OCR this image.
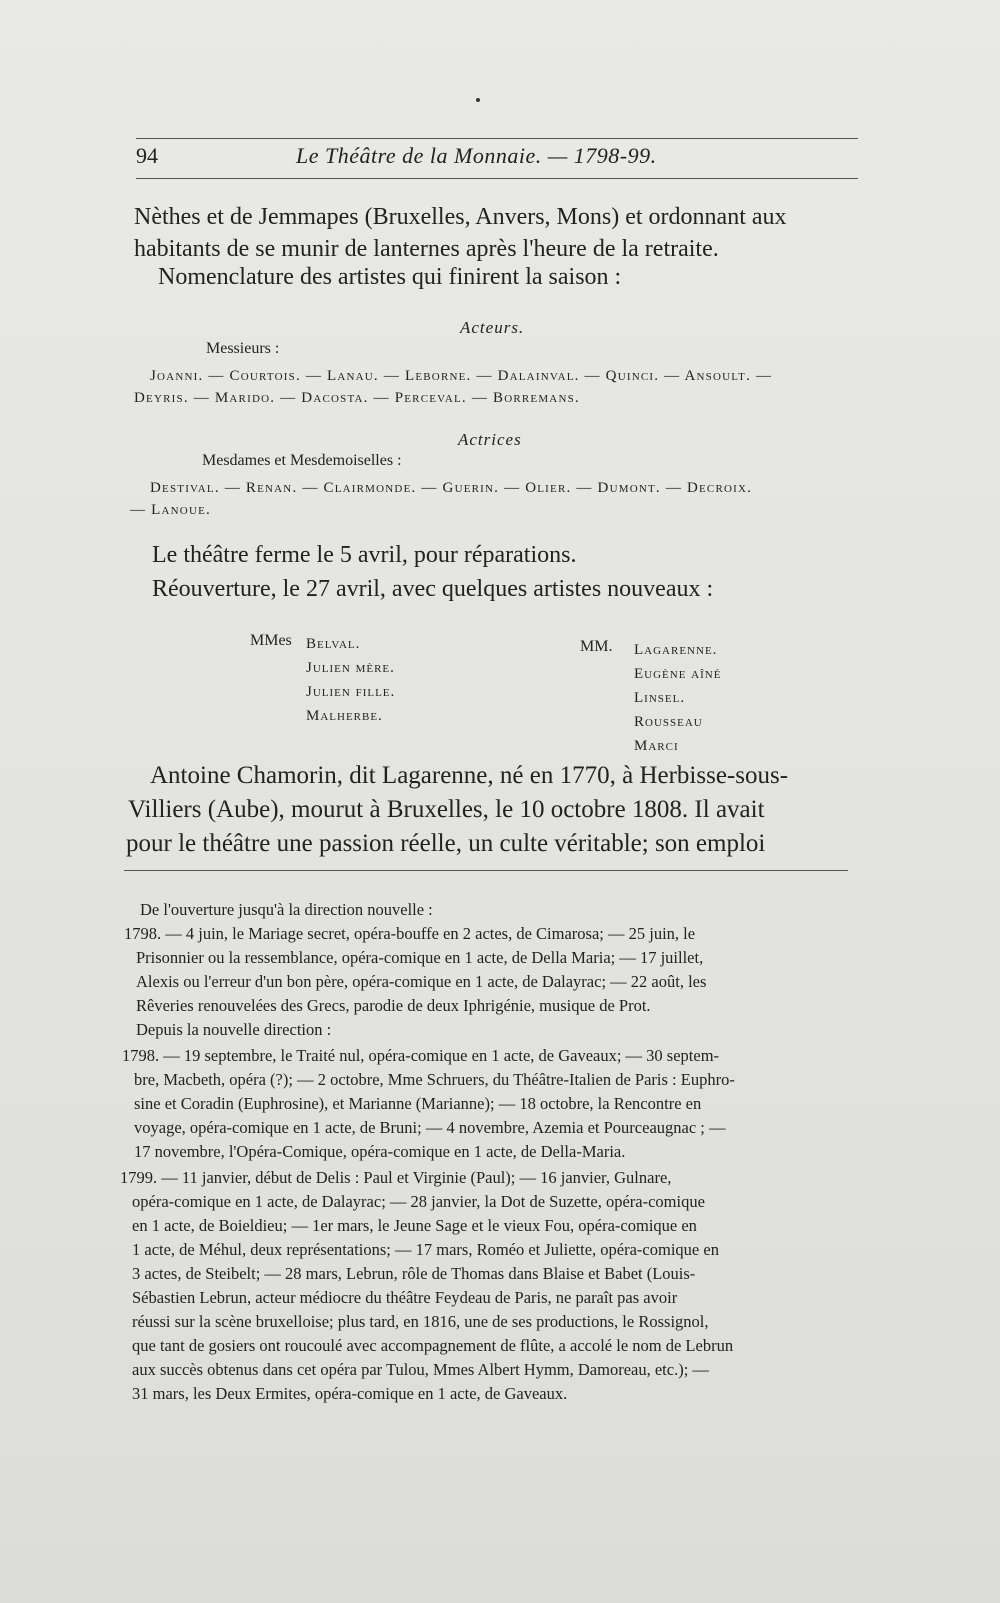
94	Le Théâtre de la Monnaie. — 1798-99.
Nèthes et de Jemmapes (Bruxelles, Anvers, Mons) et ordonnant aux
habitants de se munir de lanternes après l'heure de la retraite.
Nomenclature des artistes qui finirent la saison :
Acteurs.
Messieurs :
Joanni. — Courtois. — Lanau. — Leborne. — Dalainval. — Quinci. — Ansoult. —
Deyris. — Marido. — Dacosta. — Perceval. — Borremans.
Actrices
Mesdames et Mesdemoiselles :
Destival. — Renan. — Clairmonde. — Guerin. — Olier. — Dumont. — Decroix.
— Lanoue.
Le théâtre ferme le 5 avril, pour réparations.
Réouverture, le 27 avril, avec quelques artistes nouveaux :
MMes Belval.
Julien mère.
Julien fille.
Malherbe.
MM. Lagarenne.
Eugène aîné
Linsel.
Rousseau
Marci
Antoine Chamorin, dit Lagarenne, né en 1770, à Herbisse-sous-
Villiers (Aube), mourut à Bruxelles, le 10 octobre 1808. Il avait
pour le théâtre une passion réelle, un culte véritable; son emploi
De l'ouverture jusqu'à la direction nouvelle :
1798. — 4 juin, le Mariage secret, opéra-bouffe en 2 actes, de Cimarosa; — 25 juin, le
Prisonnier ou la ressemblance, opéra-comique en 1 acte, de Della Maria; — 17 juillet,
Alexis ou l'erreur d'un bon père, opéra-comique en 1 acte, de Dalayrac; — 22 août, les
Rêveries renouvelées des Grecs, parodie de deux Iphrigénie, musique de Prot.
Depuis la nouvelle direction :
1798. — 19 septembre, le Traité nul, opéra-comique en 1 acte, de Gaveaux; — 30 septem-
bre, Macbeth, opéra (?); — 2 octobre, Mme Schruers, du Théâtre-Italien de Paris : Euphro-
sine et Coradin (Euphrosine), et Marianne (Marianne); — 18 octobre, la Rencontre en
voyage, opéra-comique en 1 acte, de Bruni; — 4 novembre, Azemia et Pourceaugnac ; —
17 novembre, l'Opéra-Comique, opéra-comique en 1 acte, de Della-Maria.
1799. — 11 janvier, début de Delis : Paul et Virginie (Paul); — 16 janvier, Gulnare,
opéra-comique en 1 acte, de Dalayrac; — 28 janvier, la Dot de Suzette, opéra-comique
en 1 acte, de Boieldieu; — 1er mars, le Jeune Sage et le vieux Fou, opéra-comique en
1 acte, de Méhul, deux représentations; — 17 mars, Roméo et Juliette, opéra-comique en
3 actes, de Steibelt; — 28 mars, Lebrun, rôle de Thomas dans Blaise et Babet (Louis-
Sébastien Lebrun, acteur médiocre du théâtre Feydeau de Paris, ne paraît pas avoir
réussi sur la scène bruxelloise; plus tard, en 1816, une de ses productions, le Rossignol,
que tant de gosiers ont roucoulé avec accompagnement de flûte, a accolé le nom de Lebrun
aux succès obtenus dans cet opéra par Tulou, Mmes Albert Hymm, Damoreau, etc.); —
31 mars, les Deux Ermites, opéra-comique en 1 acte, de Gaveaux.
